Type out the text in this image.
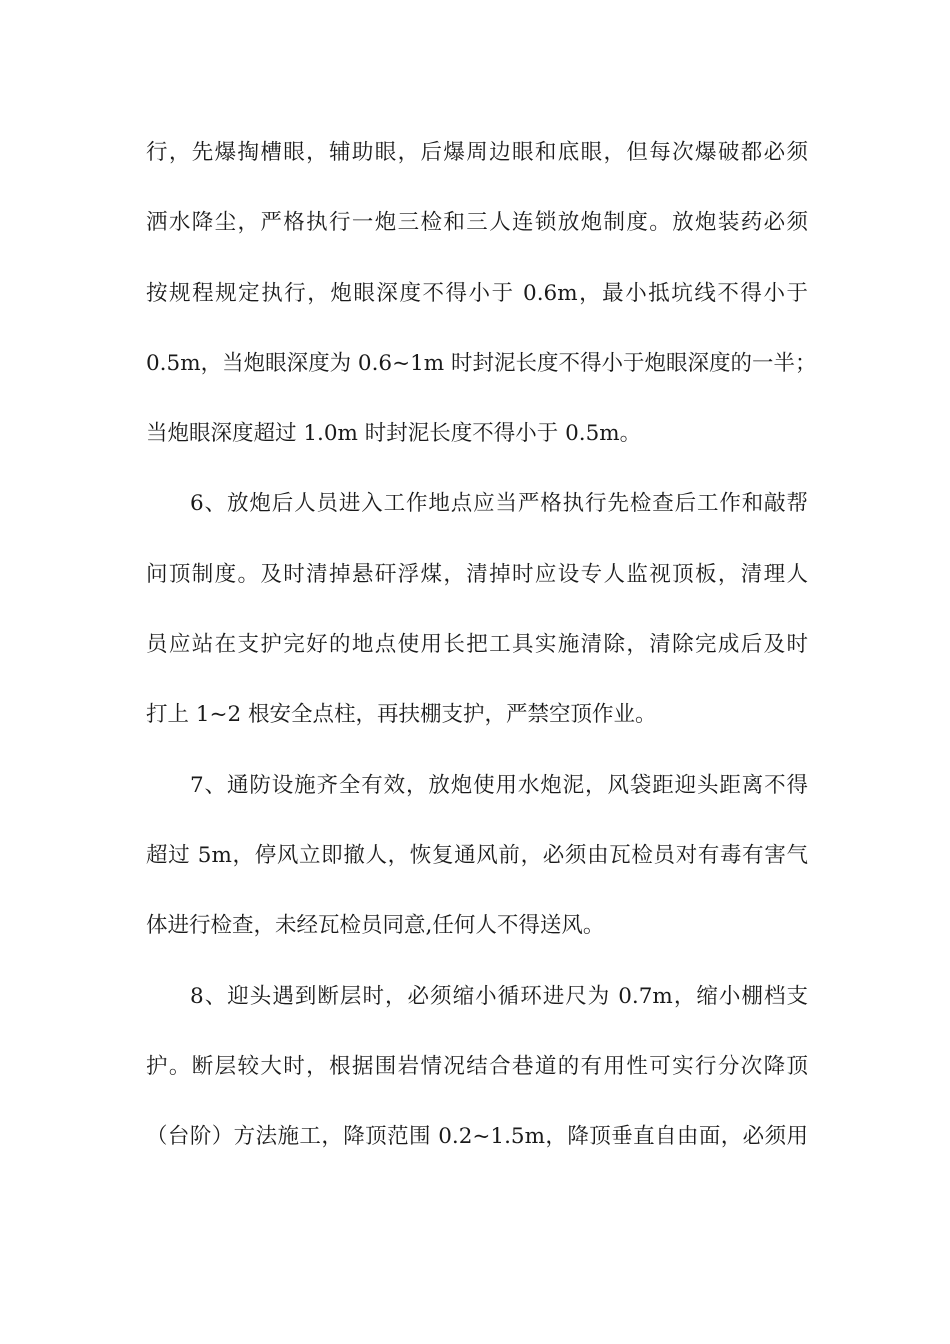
行，先爆掏槽眼，辅助眼，后爆周边眼和底眼，但每次爆破都必须
洒水降尘，严格执行一炮三检和三人连锁放炮制度。放炮装药必须
按规程规定执行，炮眼深度不得小于 0.6m，最小抵坑线不得小于
0.5m，当炮眼深度为 0.6~1m 时封泥长度不得小于炮眼深度的一半；
当炮眼深度超过 1.0m 时封泥长度不得小于 0.5m。
6、放炮后人员进入工作地点应当严格执行先检查后工作和敲帮
问顶制度。及时清掉悬矸浮煤，清掉时应设专人监视顶板，清理人
员应站在支护完好的地点使用长把工具实施清除，清除完成后及时
打上 1~2 根安全点柱，再扶棚支护，严禁空顶作业。
7、通防设施齐全有效，放炮使用水炮泥，风袋距迎头距离不得
超过 5m，停风立即撤人，恢复通风前，必须由瓦检员对有毒有害气
体进行检查，未经瓦检员同意,任何人不得送风。
8、迎头遇到断层时，必须缩小循环进尺为 0.7m，缩小棚档支
护。断层较大时，根据围岩情况结合巷道的有用性可实行分次降顶
（台阶）方法施工，降顶范围 0.2~1.5m，降顶垂直自由面，必须用
